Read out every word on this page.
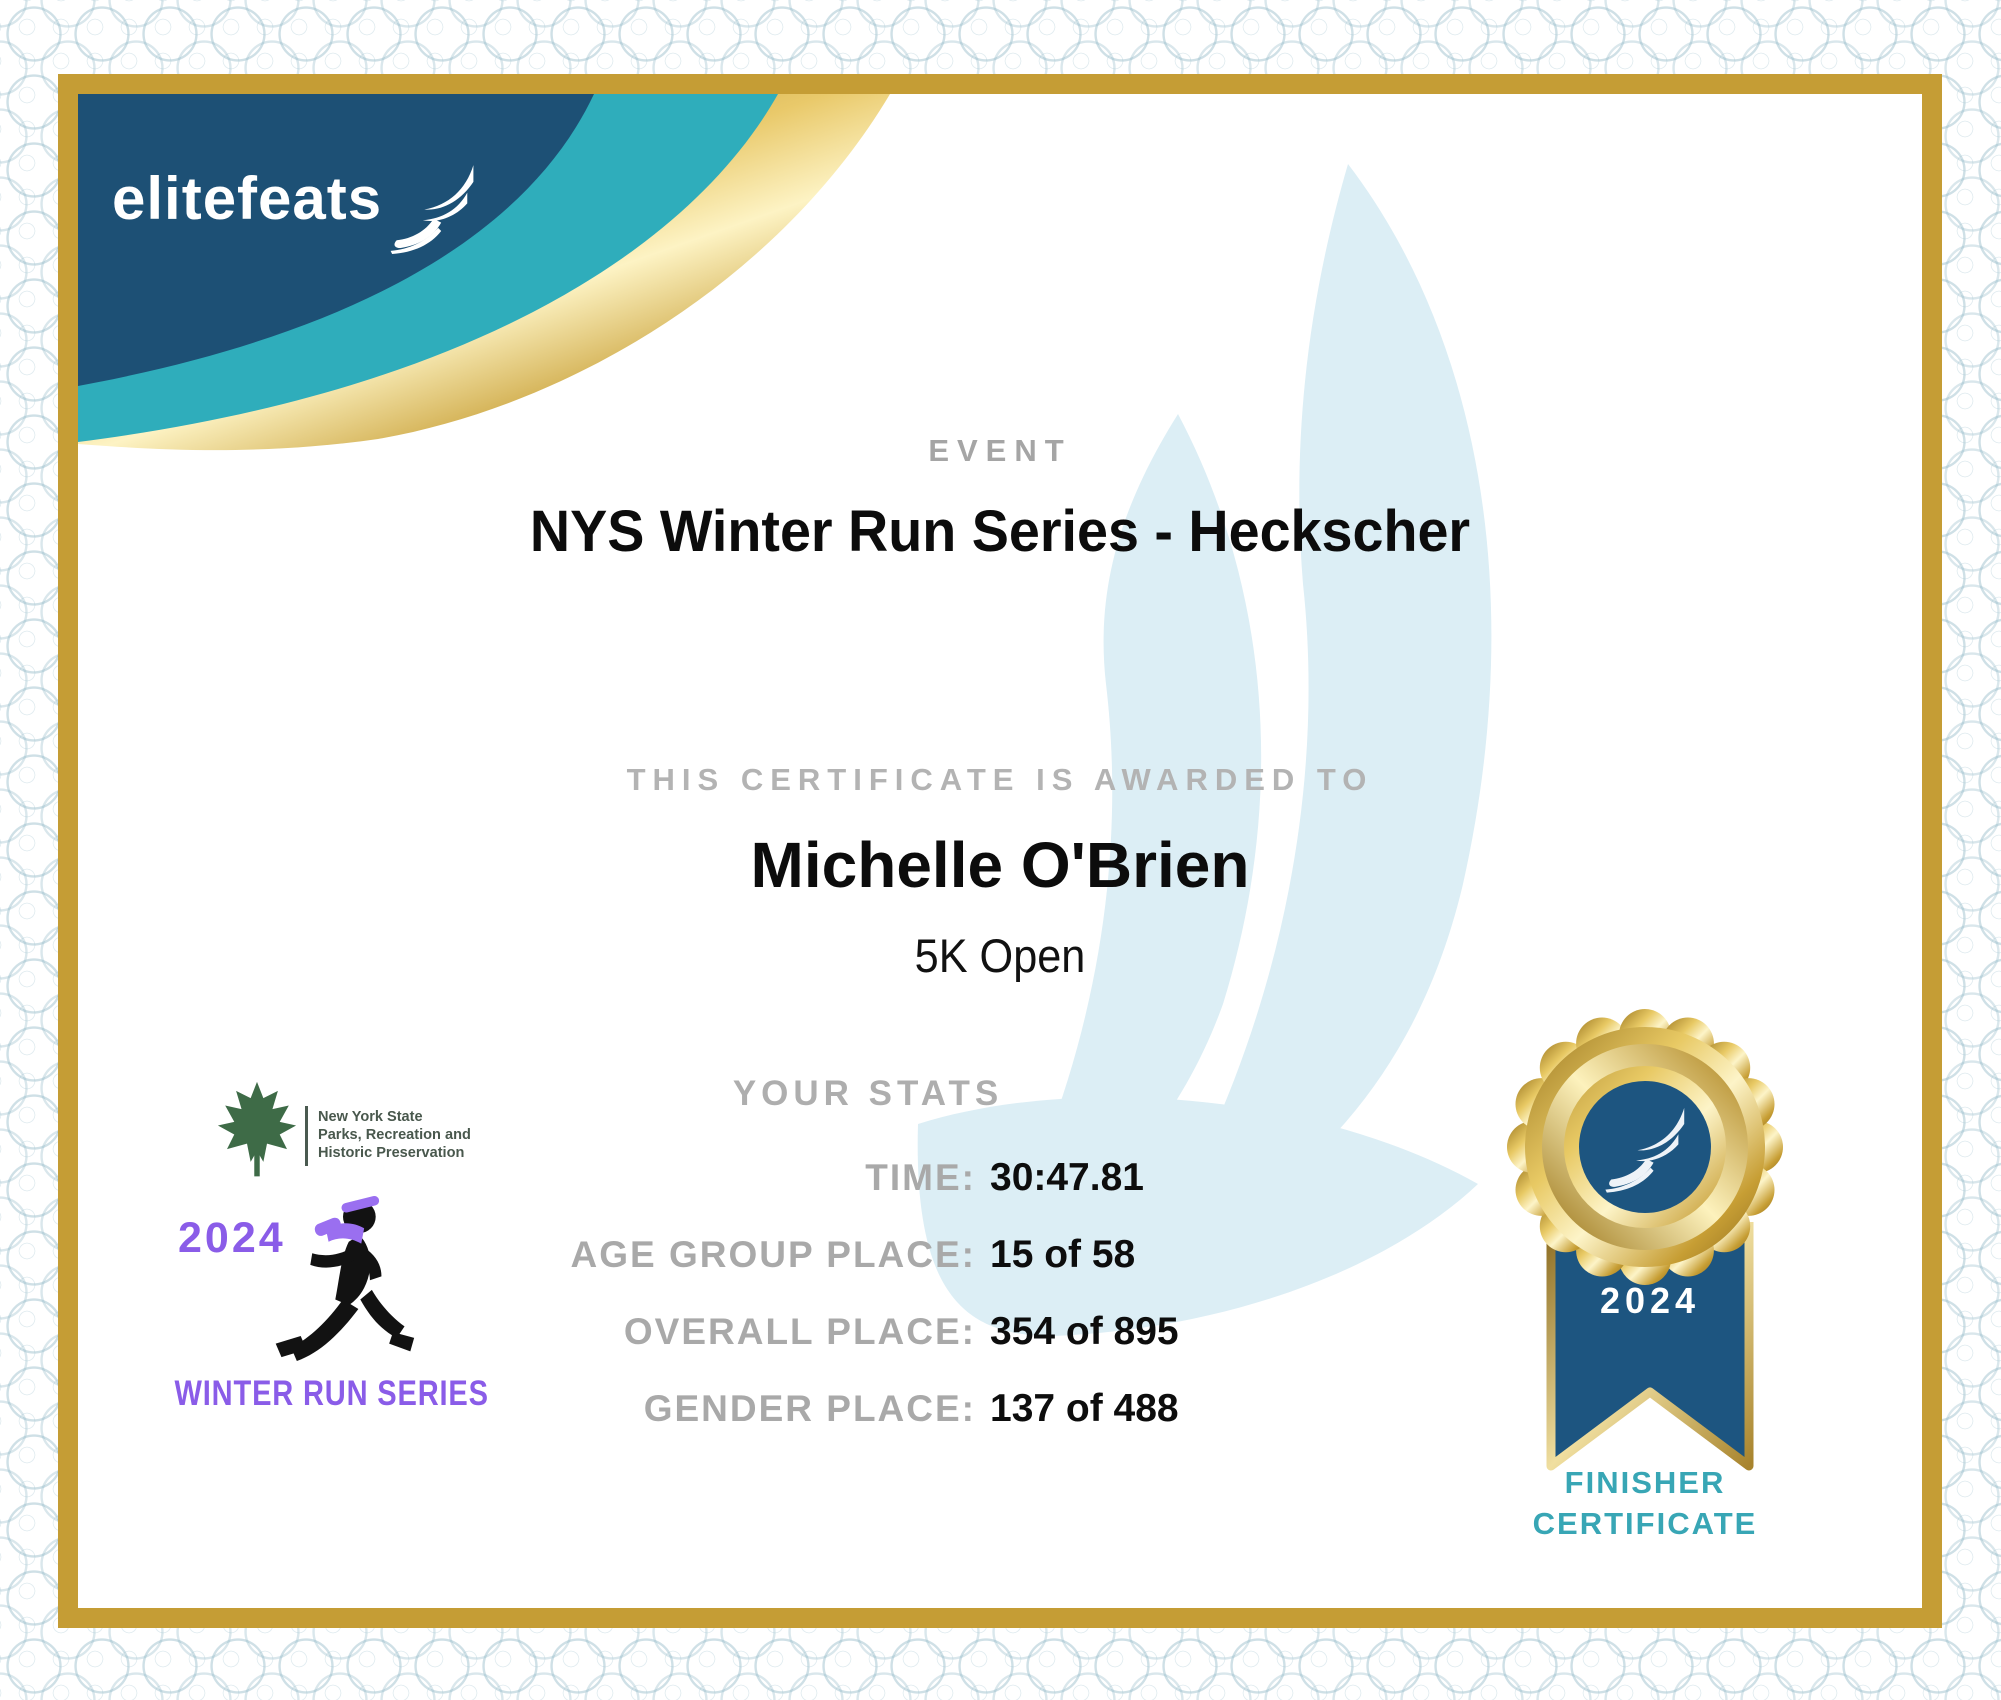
elitefeats
EVENT
NYS Winter Run Series - Heckscher
THIS CERTIFICATE IS AWARDED TO
Michelle O'Brien
5K Open
YOUR STATS
TIME: 30:47.81
AGE GROUP PLACE: 15 of 58
OVERALL PLACE: 354 of 895
GENDER PLACE: 137 of 488
New York State
Parks, Recreation and
Historic Preservation
2024
WINTER RUN SERIES
2024
FINISHER
CERTIFICATE
